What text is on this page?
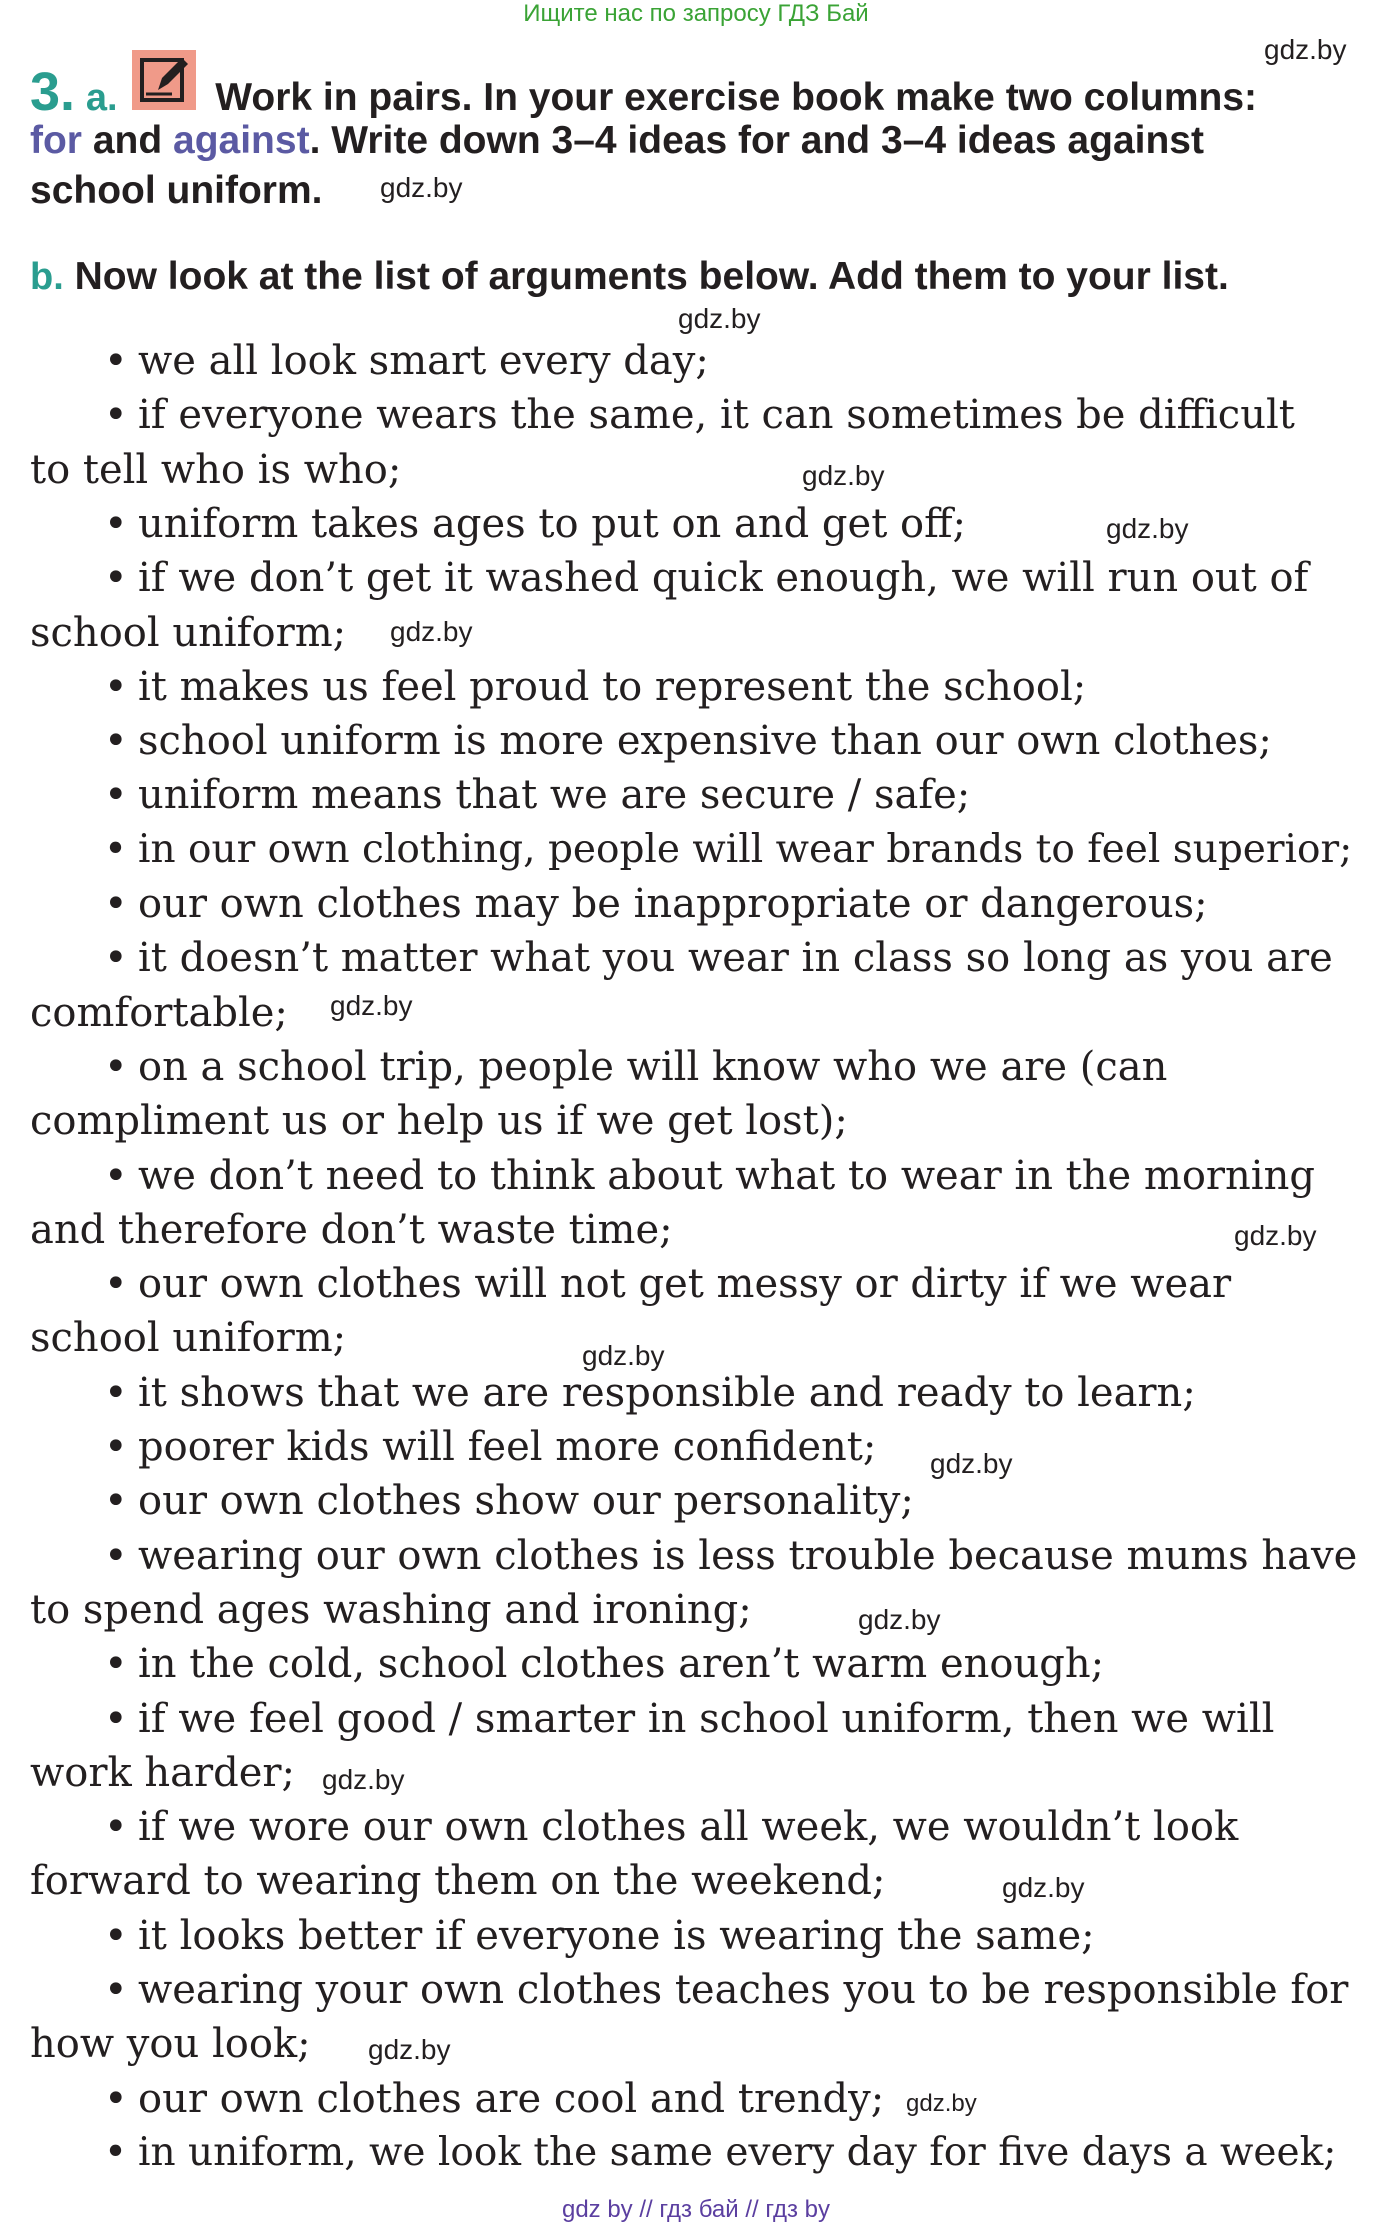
Ищите нас по запросу ГДЗ Бай
gdz.by
gdz.by
gdz.by
gdz.by
gdz.by
gdz.by
gdz.by
gdz.by
gdz.by
gdz.by
gdz.by
gdz.by
gdz.by
gdz.by
gdz.by
3. a.	Work in pairs. In your exercise book make two columns:
for and against. Write down 3–4 ideas for and 3–4 ideas against
school uniform.
b. Now look at the list of arguments below. Add them to your list.
• we all look smart every day;
• if everyone wears the same, it can sometimes be difficult
to tell who is who;
• uniform takes ages to put on and get off;
• if we don’t get it washed quick enough, we will run out of
school uniform;
• it makes us feel proud to represent the school;
• school uniform is more expensive than our own clothes;
• uniform means that we are secure / safe;
• in our own clothing, people will wear brands to feel superior;
• our own clothes may be inappropriate or dangerous;
• it doesn’t matter what you wear in class so long as you are
comfortable;
• on a school trip, people will know who we are (can
compliment us or help us if we get lost);
• we don’t need to think about what to wear in the morning
and therefore don’t waste time;
• our own clothes will not get messy or dirty if we wear
school uniform;
• it shows that we are responsible and ready to learn;
• poorer kids will feel more confident;
• our own clothes show our personality;
• wearing our own clothes is less trouble because mums have
to spend ages washing and ironing;
• in the cold, school clothes aren’t warm enough;
• if we feel good / smarter in school uniform, then we will
work harder;
• if we wore our own clothes all week, we wouldn’t look
forward to wearing them on the weekend;
• it looks better if everyone is wearing the same;
• wearing your own clothes teaches you to be responsible for
how you look;
• our own clothes are cool and trendy;
• in uniform, we look the same every day for five days a week;
gdz by // гдз бай // гдз by
